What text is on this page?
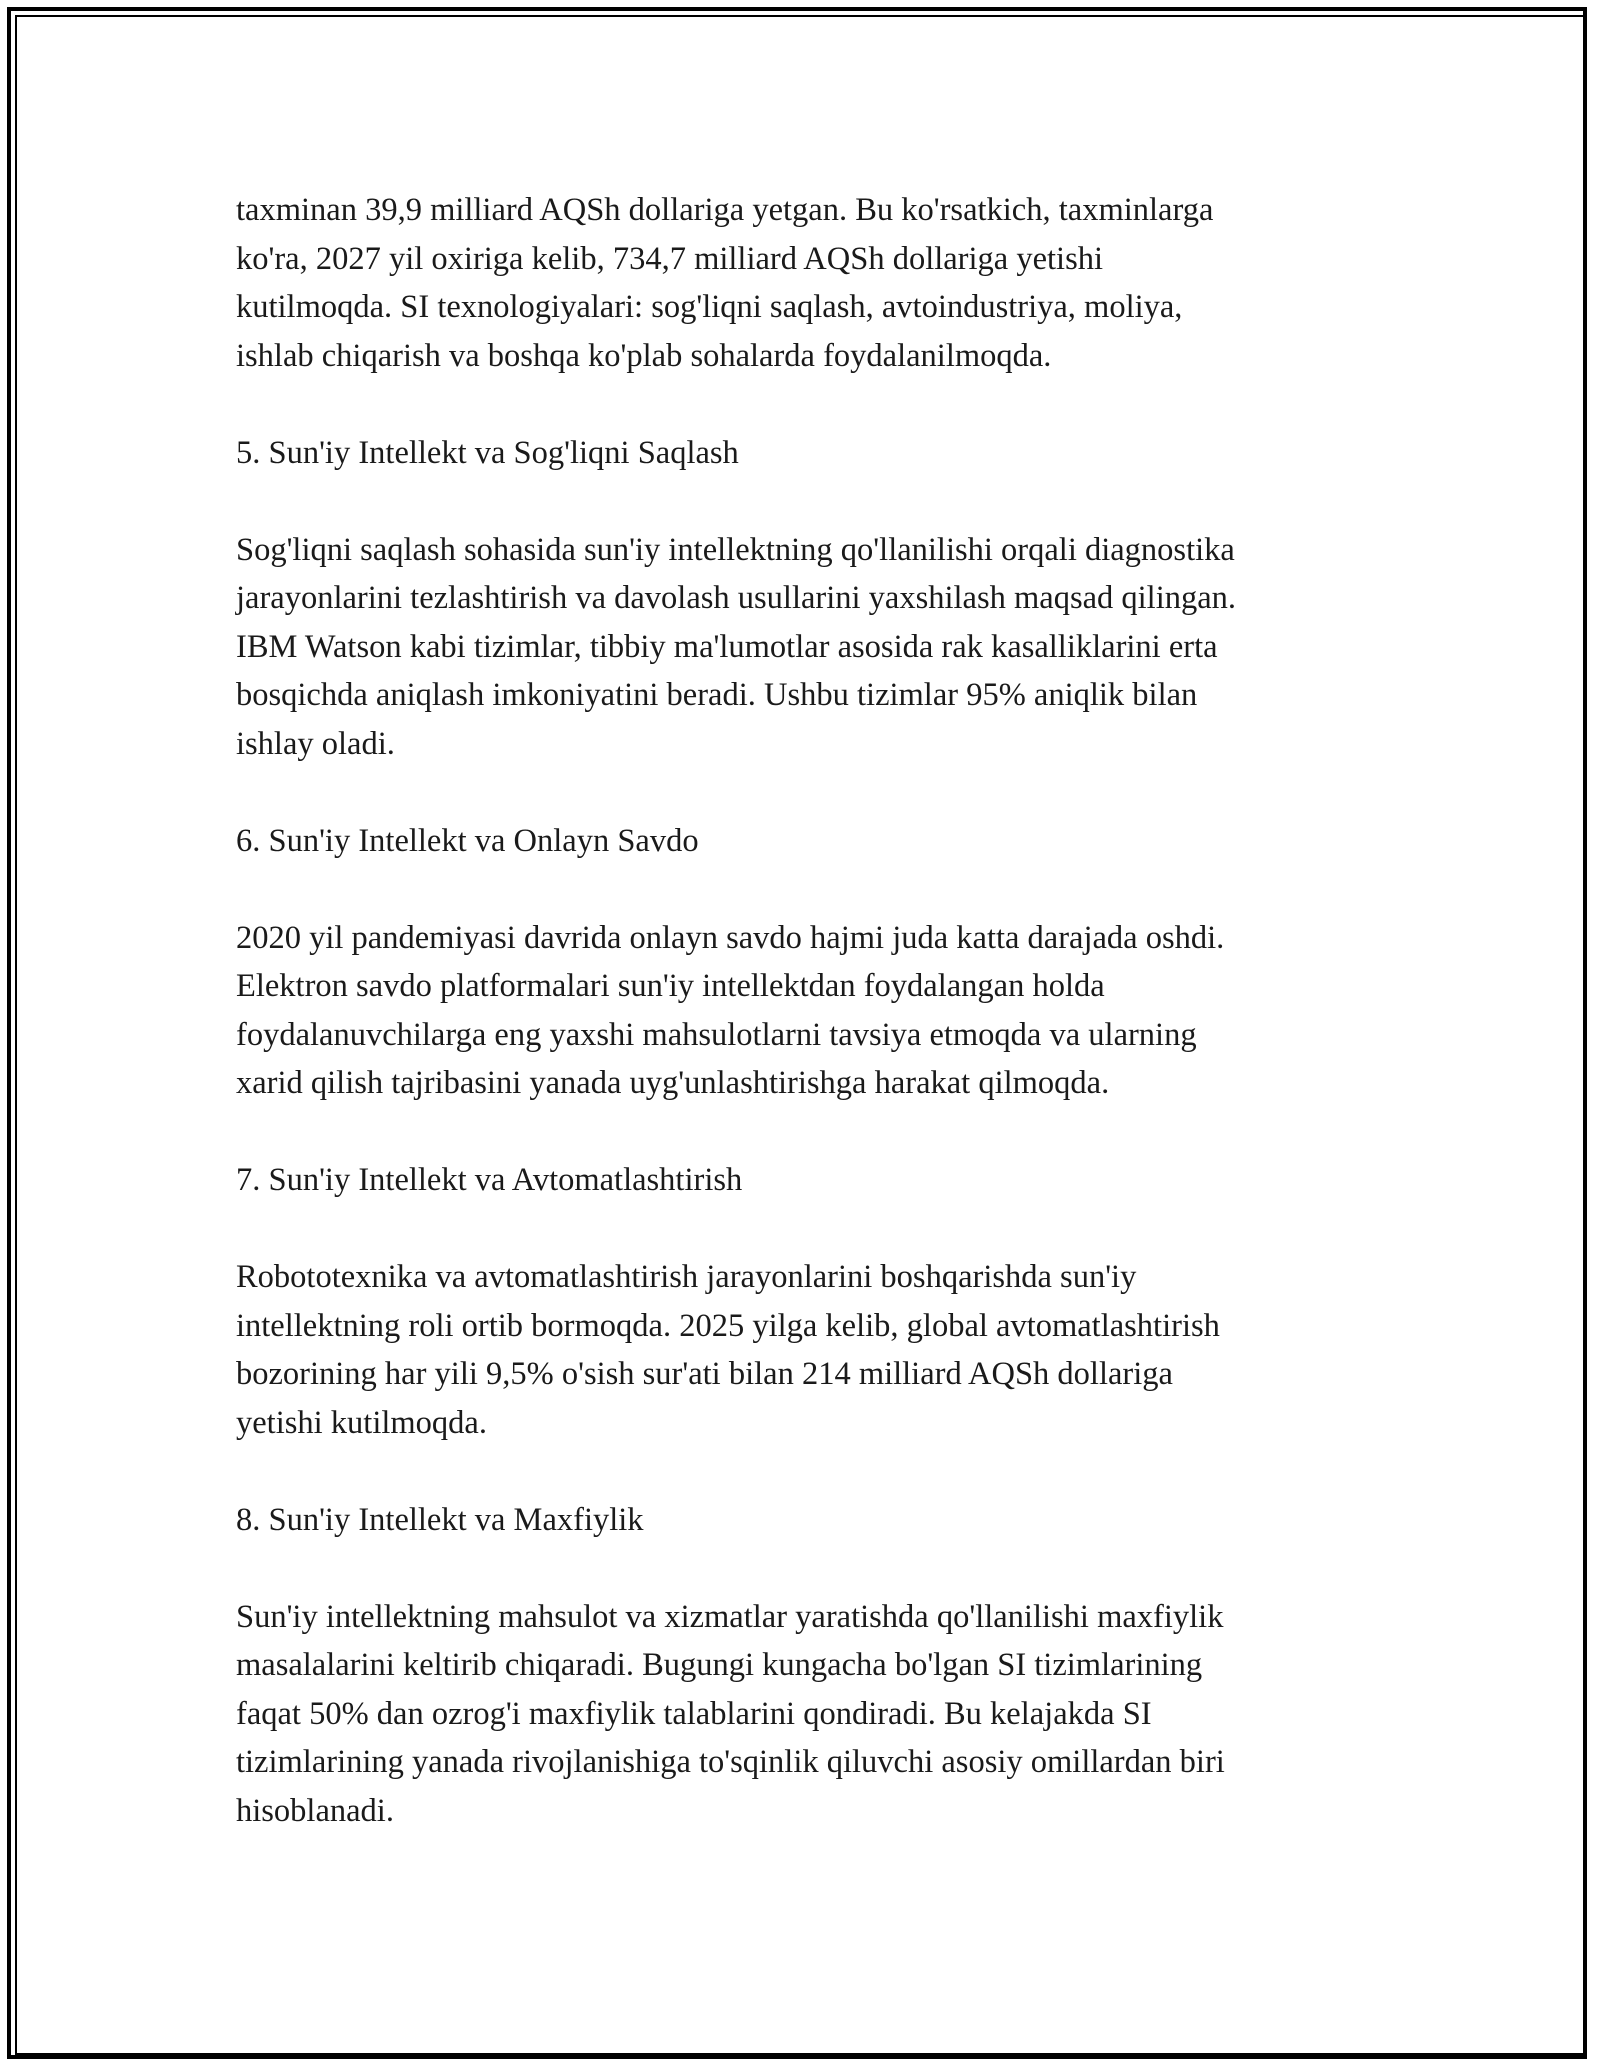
taxminan 39,9 milliard AQSh dollariga yetgan. Bu ko'rsatkich, taxminlarga

ko'ra, 2027 yil oxiriga kelib, 734,7 milliard AQSh dollariga yetishi

kutilmoqda. SI texnologiyalari: sog'liqni saqlash, avtoindustriya, moliya,

ishlab chiqarish va boshqa ko'plab sohalarda foydalanilmoqda.

5. Sun'iy Intellekt va Sog'liqni Saqlash

Sog'liqni saqlash sohasida sun'iy intellektning qo'llanilishi orqali diagnostika

jarayonlarini tezlashtirish va davolash usullarini yaxshilash maqsad qilingan.

IBM Watson kabi tizimlar, tibbiy ma'lumotlar asosida rak kasalliklarini erta

bosqichda aniqlash imkoniyatini beradi. Ushbu tizimlar 95% aniqlik bilan

ishlay oladi.

6. Sun'iy Intellekt va Onlayn Savdo

2020 yil pandemiyasi davrida onlayn savdo hajmi juda katta darajada oshdi.

Elektron savdo platformalari sun'iy intellektdan foydalangan holda

foydalanuvchilarga eng yaxshi mahsulotlarni tavsiya etmoqda va ularning

xarid qilish tajribasini yanada uyg'unlashtirishga harakat qilmoqda.

7. Sun'iy Intellekt va Avtomatlashtirish

Robototexnika va avtomatlashtirish jarayonlarini boshqarishda sun'iy

intellektning roli ortib bormoqda. 2025 yilga kelib, global avtomatlashtirish

bozorining har yili 9,5% o'sish sur'ati bilan 214 milliard AQSh dollariga

yetishi kutilmoqda.

8. Sun'iy Intellekt va Maxfiylik

Sun'iy intellektning mahsulot va xizmatlar yaratishda qo'llanilishi maxfiylik

masalalarini keltirib chiqaradi. Bugungi kungacha bo'lgan SI tizimlarining

faqat 50% dan ozrog'i maxfiylik talablarini qondiradi. Bu kelajakda SI

tizimlarining yanada rivojlanishiga to'sqinlik qiluvchi asosiy omillardan biri

hisoblanadi.
